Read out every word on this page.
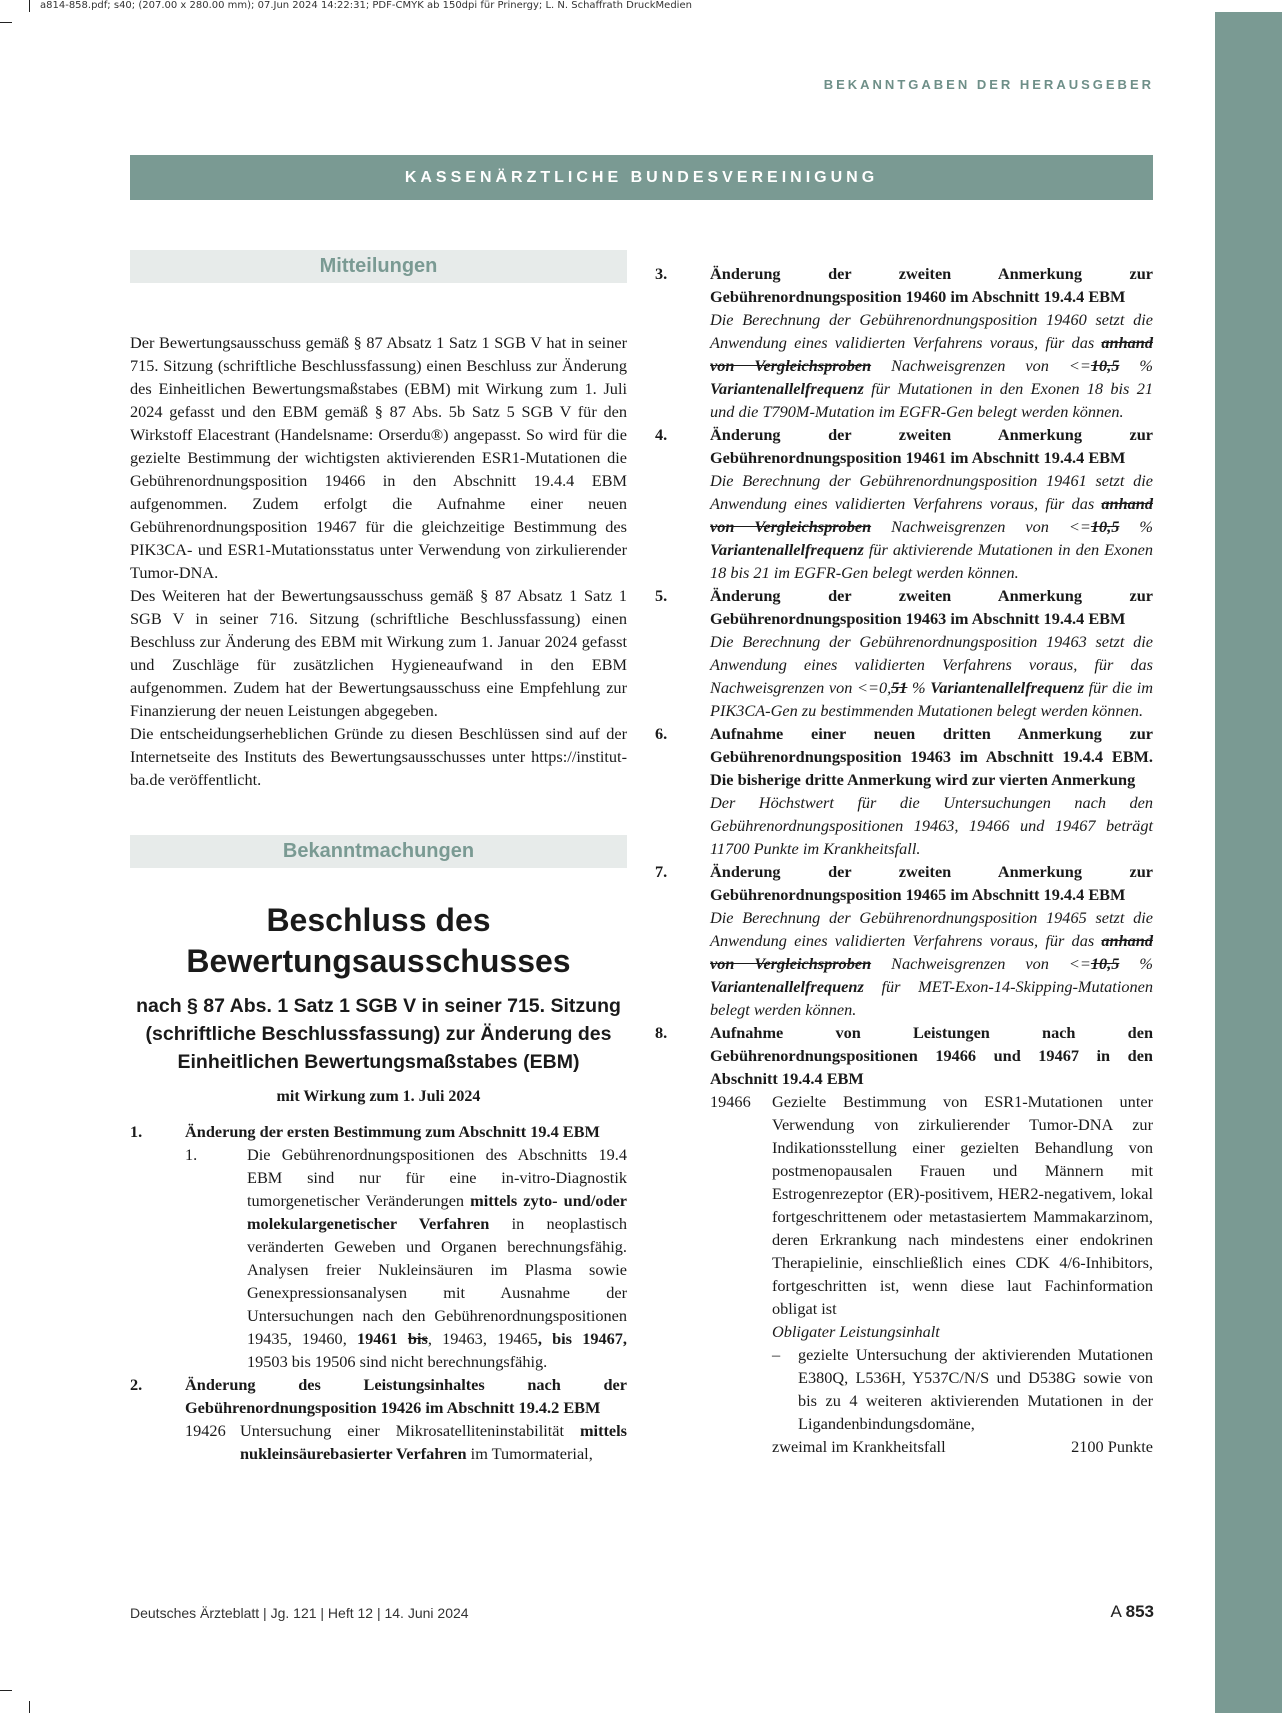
a814-858.pdf; s40; (207.00 x 280.00 mm); 07.Jun 2024 14:22:31; PDF-CMYK ab 150dpi für Prinergy; L. N. Schaffrath DruckMedien
BEKANNTGABEN DER HERAUSGEBER
KASSENÄRZTLICHE BUNDESVEREINIGUNG
Mitteilungen

Der Bewertungsausschuss gemäß § 87 Absatz 1 Satz 1 SGB V hat in seiner 715. Sitzung (schriftliche Beschlussfassung) einen Beschluss zur Änderung des Einheitlichen Bewertungsmaßstabes (EBM) mit Wirkung zum 1. Juli 2024 gefasst und den EBM gemäß § 87 Abs. 5b Satz 5 SGB V für den Wirkstoff Elacestrant (Handelsname: Orserdu®) angepasst. So wird für die gezielte Bestimmung der wichtigsten aktivierenden ESR1-Mutationen die Gebührenordnungsposition 19466 in den Abschnitt 19.4.4 EBM aufgenommen. Zudem erfolgt die Aufnahme einer neuen Gebührenordnungsposition 19467 für die gleichzeitige Bestimmung des PIK3CA- und ESR1-Mutationsstatus unter Verwendung von zirkulierender Tumor-DNA.

Des Weiteren hat der Bewertungsausschuss gemäß § 87 Absatz 1 Satz 1 SGB V in seiner 716. Sitzung (schriftliche Beschlussfassung) einen Beschluss zur Änderung des EBM mit Wirkung zum 1. Januar 2024 gefasst und Zuschläge für zusätzlichen Hygieneaufwand in den EBM aufgenommen. Zudem hat der Bewertungsausschuss eine Empfehlung zur Finanzierung der neuen Leistungen abgegeben.

Die entscheidungserheblichen Gründe zu diesen Beschlüssen sind auf der Internetseite des Instituts des Bewertungsausschusses unter https://institut-ba.de veröffentlicht.

Bekanntmachungen

Beschluss des
Bewertungsausschusses

nach § 87 Abs. 1 Satz 1 SGB V in seiner 715. Sitzung
(schriftliche Beschlussfassung) zur Änderung des
Einheitlichen Bewertungsmaßstabes (EBM)

mit Wirkung zum 1. Juli 2024
1.	Änderung der ersten Bestimmung zum Abschnitt 19.4 EBM
1.	Die Gebührenordnungspositionen des Abschnitts 19.4 EBM sind nur für eine in-vitro-Diagnostik tumorgenetischer Veränderungen mittels zyto- und/oder molekulargenetischer Verfahren in neoplastisch veränderten Geweben und Organen berechnungsfähig. Analysen freier Nukleinsäuren im Plasma sowie Genexpressionsanalysen mit Ausnahme der Untersuchungen nach den Gebührenordnungspositionen 19435, 19460, 19461 bis, 19463, 19465, bis 19467, 19503 bis 19506 sind nicht berechnungsfähig.
2.	Änderung des Leistungsinhaltes nach der Gebührenordnungsposition 19426 im Abschnitt 19.4.2 EBM
19426 Untersuchung einer Mikrosatelliteninstabilität mittels nukleinsäurebasierter Verfahren im Tumormaterial,
3.	Änderung der zweiten Anmerkung zur Gebührenordnungsposition 19460 im Abschnitt 19.4.4 EBM
Die Berechnung der Gebührenordnungsposition 19460 setzt die Anwendung eines validierten Verfahrens voraus, für das anhand von Vergleichsproben Nachweisgrenzen von <=10,5 % Variantenallelfrequenz für Mutationen in den Exonen 18 bis 21 und die T790M-Mutation im EGFR-Gen belegt werden können.
4.	Änderung der zweiten Anmerkung zur Gebührenordnungsposition 19461 im Abschnitt 19.4.4 EBM
Die Berechnung der Gebührenordnungsposition 19461 setzt die Anwendung eines validierten Verfahrens voraus, für das anhand von Vergleichsproben Nachweisgrenzen von <=10,5 % Variantenallelfrequenz für aktivierende Mutationen in den Exonen 18 bis 21 im EGFR-Gen belegt werden können.
5.	Änderung der zweiten Anmerkung zur Gebührenordnungsposition 19463 im Abschnitt 19.4.4 EBM
Die Berechnung der Gebührenordnungsposition 19463 setzt die Anwendung eines validierten Verfahrens voraus, für das Nachweisgrenzen von <=0,51 % Variantenallelfrequenz für die im PIK3CA-Gen zu bestimmenden Mutationen belegt werden können.
6.	Aufnahme einer neuen dritten Anmerkung zur Gebührenordnungsposition 19463 im Abschnitt 19.4.4 EBM. Die bisherige dritte Anmerkung wird zur vierten Anmerkung
Der Höchstwert für die Untersuchungen nach den Gebührenordnungspositionen 19463, 19466 und 19467 beträgt 11700 Punkte im Krankheitsfall.
7.	Änderung der zweiten Anmerkung zur Gebührenordnungsposition 19465 im Abschnitt 19.4.4 EBM
Die Berechnung der Gebührenordnungsposition 19465 setzt die Anwendung eines validierten Verfahrens voraus, für das anhand von Vergleichsproben Nachweisgrenzen von <=10,5 % Variantenallelfrequenz für MET-Exon-14-Skipping-Mutationen belegt werden können.
8.	Aufnahme von Leistungen nach den Gebührenordnungspositionen 19466 und 19467 in den Abschnitt 19.4.4 EBM
19466 Gezielte Bestimmung von ESR1-Mutationen unter Verwendung von zirkulierender Tumor-DNA zur Indikationsstellung einer gezielten Behandlung von postmenopausalen Frauen und Männern mit Estrogenrezeptor (ER)-positivem, HER2-negativem, lokal fortgeschrittenem oder metastasiertem Mammakarzinom, deren Erkrankung nach mindestens einer endokrinen Therapielinie, einschließlich eines CDK 4/6-Inhibitors, fortgeschritten ist, wenn diese laut Fachinformation obligat ist
Obligater Leistungsinhalt
– gezielte Untersuchung der aktivierenden Mutationen E380Q, L536H, Y537C/N/S und D538G sowie von bis zu 4 weiteren aktivierenden Mutationen in der Ligandenbindungsdomäne,
zweimal im Krankheitsfall	2100 Punkte
Deutsches Ärzteblatt | Jg. 121 | Heft 12 | 14. Juni 2024	A 853
